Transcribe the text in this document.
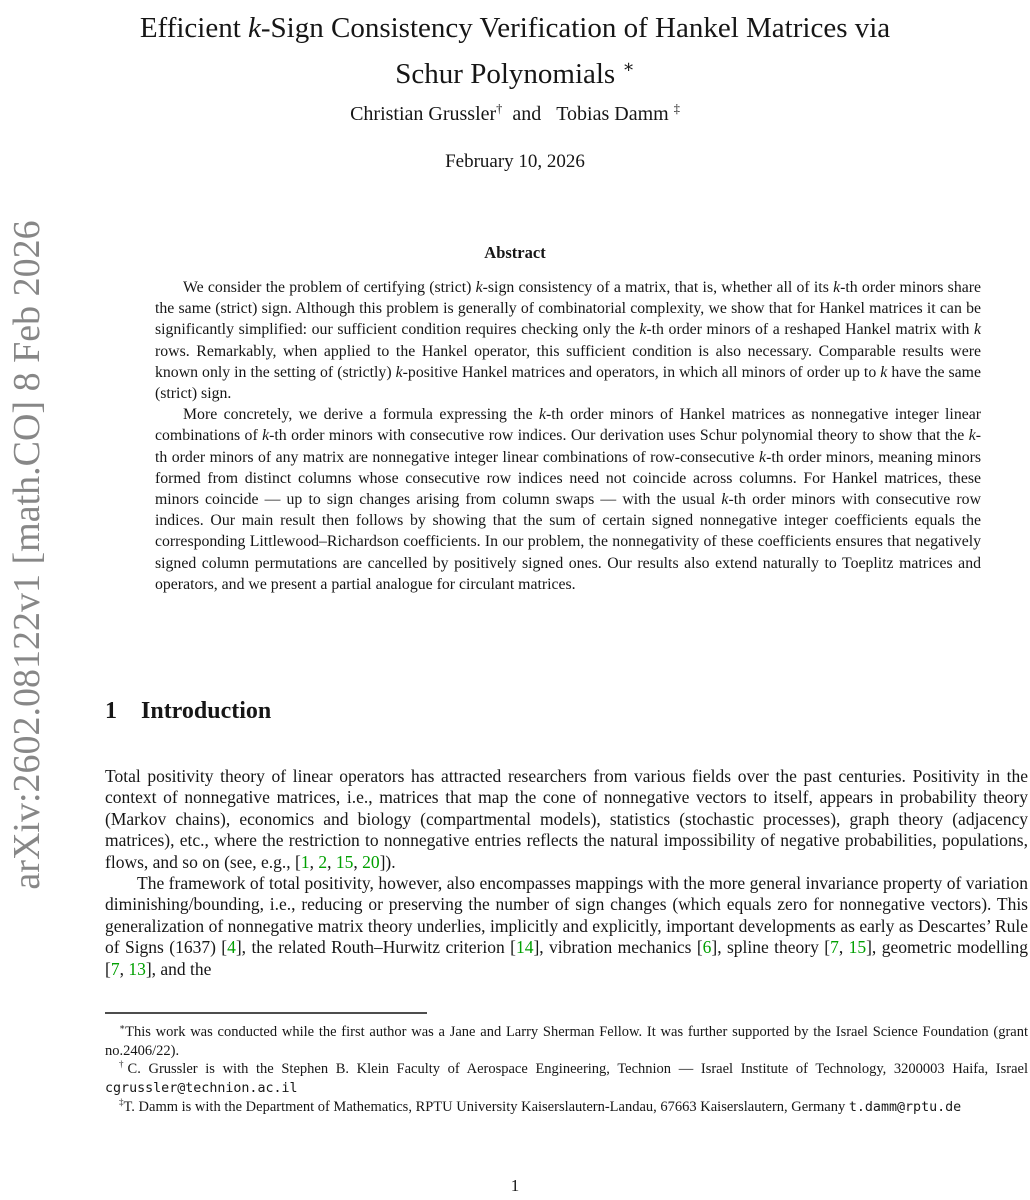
arXiv:2602.08122v1 [math.CO] 8 Feb 2026
Efficient k-Sign Consistency Verification of Hankel Matrices via
Schur Polynomials ∗
Christian Grussler†  and   Tobias Damm ‡
February 10, 2026
Abstract

We consider the problem of certifying (strict) k-sign consistency of a matrix, that is, whether all of its k-th order minors share the same (strict) sign. Although this problem is generally of combinatorial complexity, we show that for Hankel matrices it can be significantly simplified: our sufficient condition requires checking only the k-th order minors of a reshaped Hankel matrix with k rows. Remarkably, when applied to the Hankel operator, this sufficient condition is also necessary. Comparable results were known only in the setting of (strictly) k-positive Hankel matrices and operators, in which all minors of order up to k have the same (strict) sign.

More concretely, we derive a formula expressing the k-th order minors of Hankel matrices as nonnegative integer linear combinations of k-th order minors with consecutive row indices. Our derivation uses Schur polynomial theory to show that the k-th order minors of any matrix are nonnegative integer linear combinations of row-consecutive k-th order minors, meaning minors formed from distinct columns whose consecutive row indices need not coincide across columns. For Hankel matrices, these minors coincide — up to sign changes arising from column swaps — with the usual k-th order minors with consecutive row indices. Our main result then follows by showing that the sum of certain signed nonnegative integer coefficients equals the corresponding Littlewood–Richardson coefficients. In our problem, the nonnegativity of these coefficients ensures that negatively signed column permutations are cancelled by positively signed ones. Our results also extend naturally to Toeplitz matrices and operators, and we present a partial analogue for circulant matrices.

1 Introduction

Total positivity theory of linear operators has attracted researchers from various fields over the past centuries. Positivity in the context of nonnegative matrices, i.e., matrices that map the cone of nonnegative vectors to itself, appears in probability theory (Markov chains), economics and biology (compartmental models), statistics (stochastic processes), graph theory (adjacency matrices), etc., where the restriction to nonnegative entries reflects the natural impossibility of negative probabilities, populations, flows, and so on (see, e.g., [1, 2, 15, 20]).

The framework of total positivity, however, also encompasses mappings with the more general invariance property of variation diminishing/bounding, i.e., reducing or preserving the number of sign changes (which equals zero for nonnegative vectors). This generalization of nonnegative matrix theory underlies, implicitly and explicitly, important developments as early as Descartes’ Rule of Signs (1637) [4], the related Routh–Hurwitz criterion [14], vibration mechanics [6], spline theory [7, 15], geometric modelling [7, 13], and the

∗This work was conducted while the first author was a Jane and Larry Sherman Fellow. It was further supported by the Israel Science Foundation (grant no.2406/22).

†C. Grussler is with the Stephen B. Klein Faculty of Aerospace Engineering, Technion — Israel Institute of Technology, 3200003 Haifa, Israel cgrussler@technion.ac.il

‡T. Damm is with the Department of Mathematics, RPTU University Kaiserslautern-Landau, 67663 Kaiserslautern, Germany t.damm@rptu.de

1
